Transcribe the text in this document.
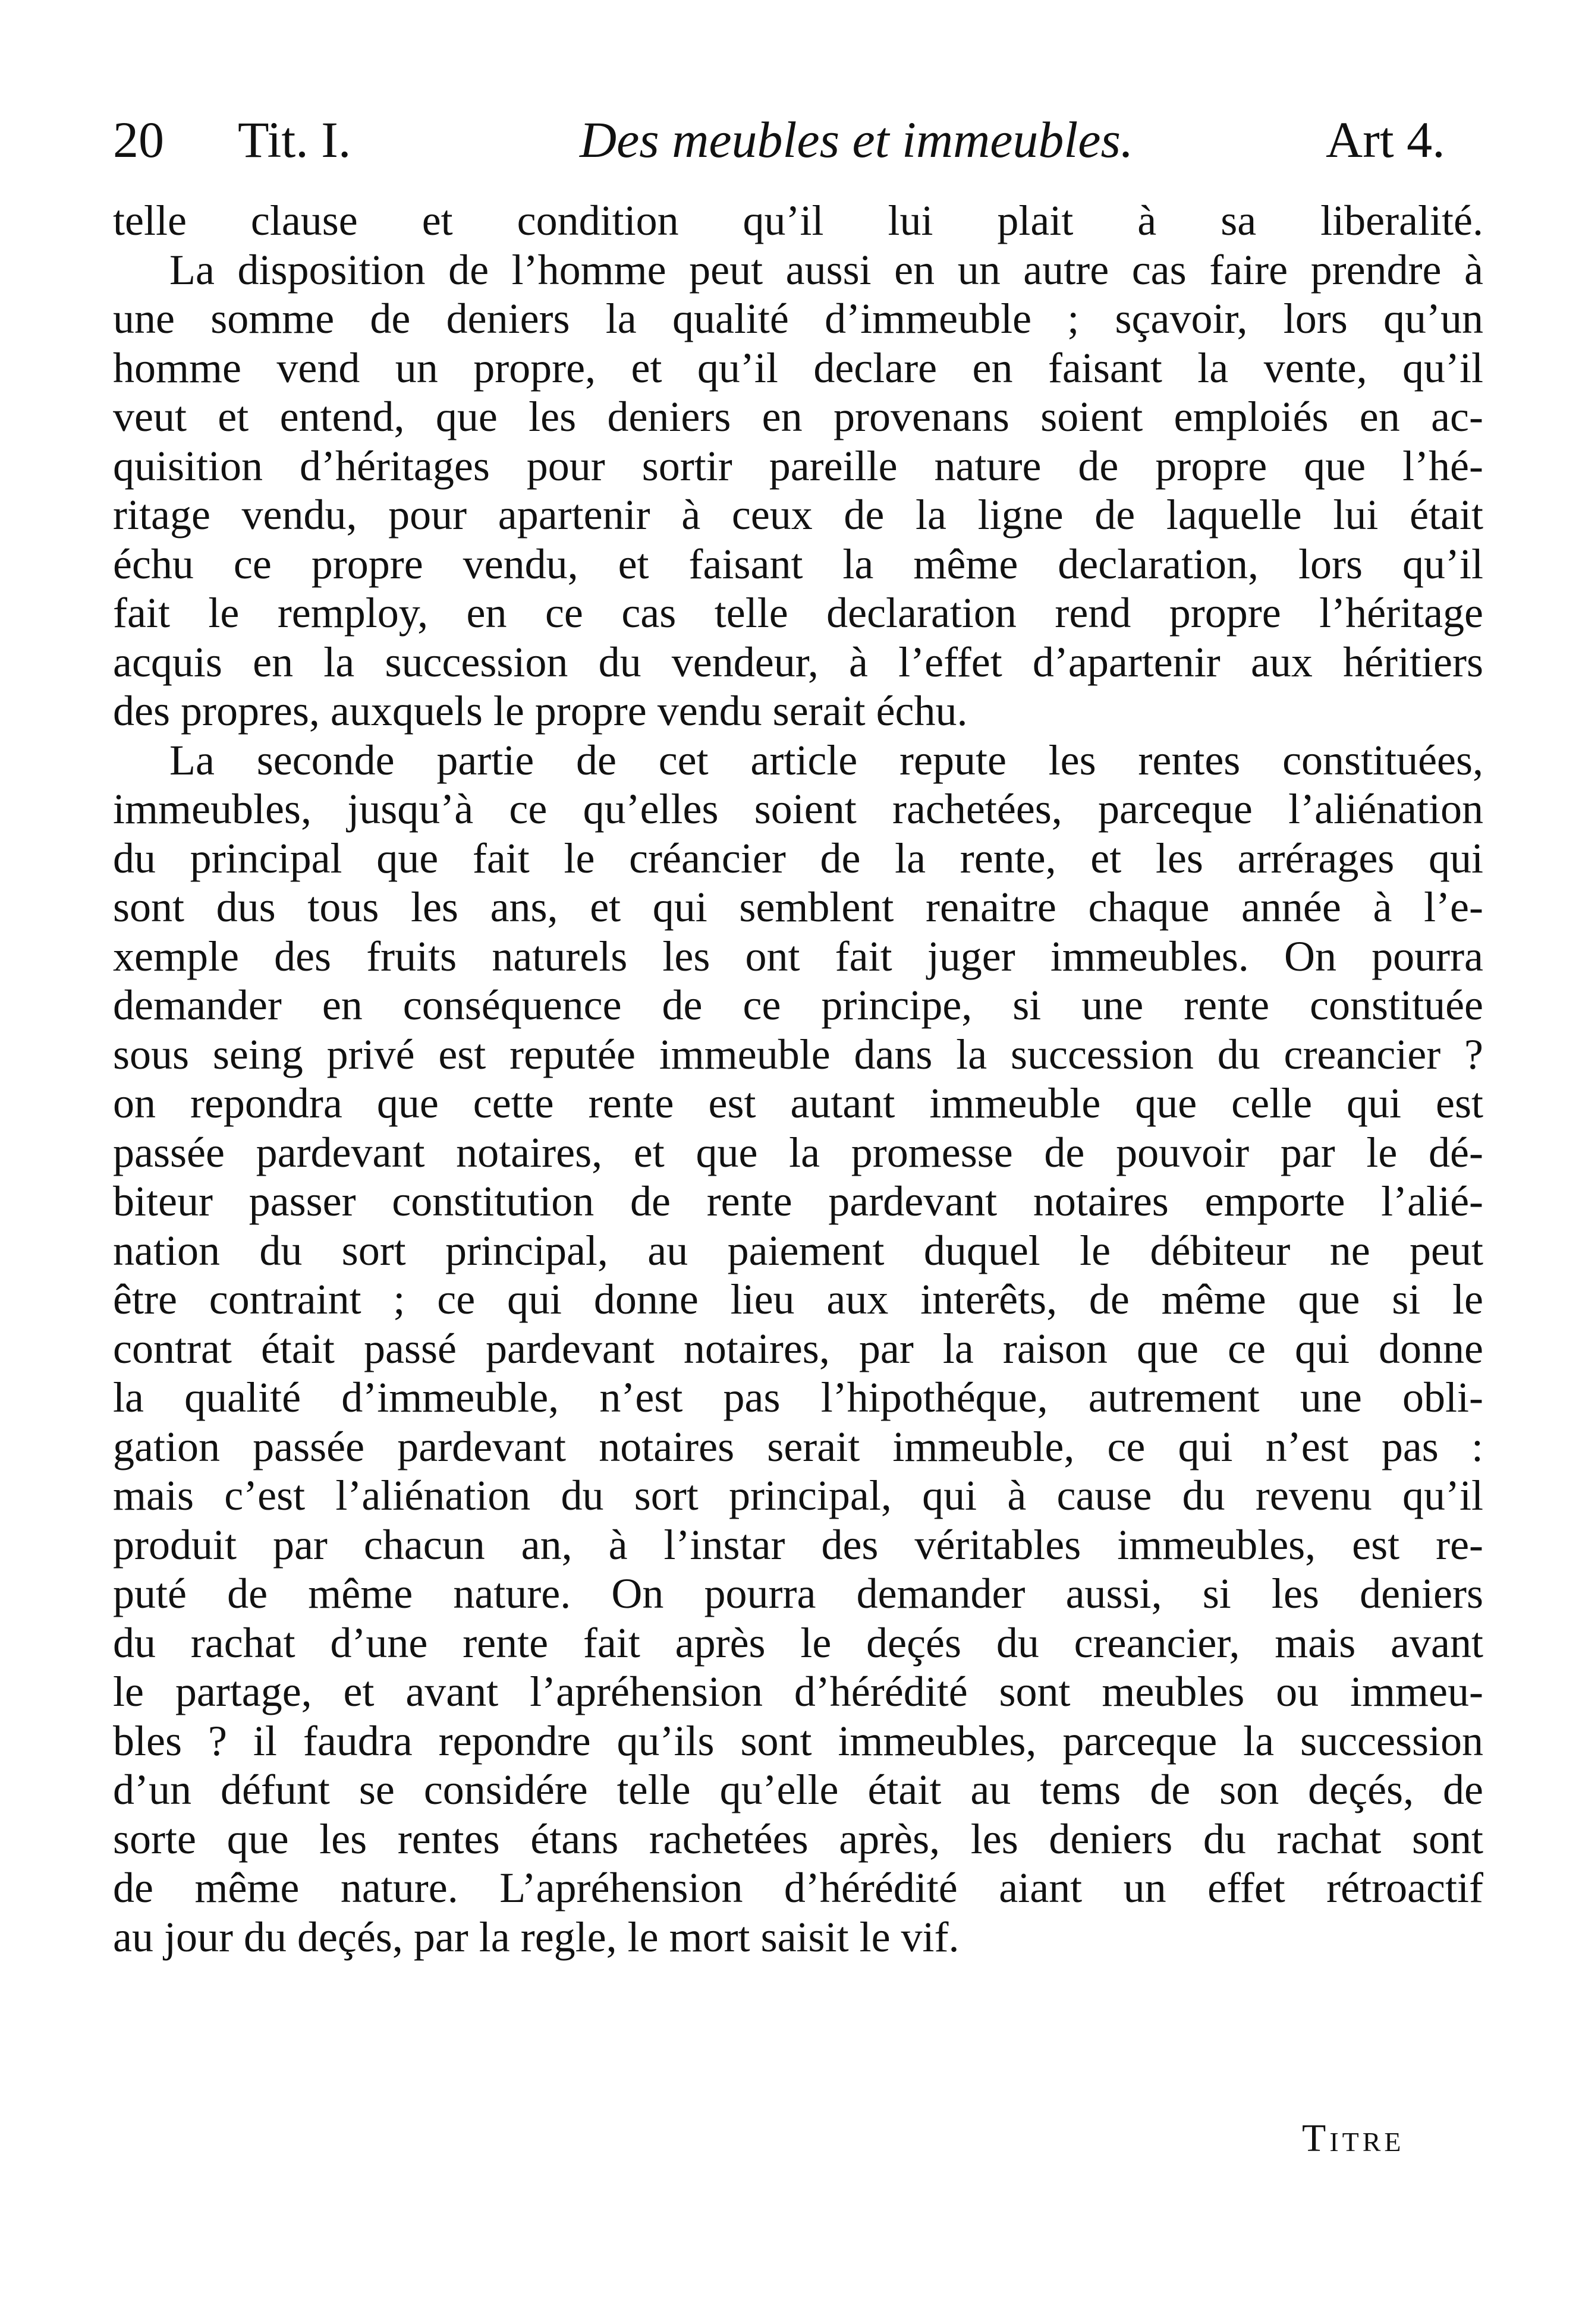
20 Tit. I.	Des meubles et immeubles.	Art 4.
telle clause et condition qu’il lui plait à sa liberalité.
La disposition de l’homme peut aussi en un autre cas faire prendre à
une somme de deniers la qualité d’immeuble ; sçavoir, lors qu’un
homme vend un propre, et qu’il declare en faisant la vente, qu’il
veut et entend, que les deniers en provenans soient emploiés en ac-
quisition d’héritages pour sortir pareille nature de propre que l’hé-
ritage vendu, pour apartenir à ceux de la ligne de laquelle lui était
échu ce propre vendu, et faisant la même declaration, lors qu’il
fait le remploy, en ce cas telle declaration rend propre l’héritage
acquis en la succession du vendeur, à l’effet d’apartenir aux héritiers
des propres, auxquels le propre vendu serait échu.
La seconde partie de cet article repute les rentes constituées,
immeubles, jusqu’à ce qu’elles soient rachetées, parceque l’aliénation
du principal que fait le créancier de la rente, et les arrérages qui
sont dus tous les ans, et qui semblent renaitre chaque année à l’e-
xemple des fruits naturels les ont fait juger immeubles. On pourra
demander en conséquence de ce principe, si une rente constituée
sous seing privé est reputée immeuble dans la succession du creancier ?
on repondra que cette rente est autant immeuble que celle qui est
passée pardevant notaires, et que la promesse de pouvoir par le dé-
biteur passer constitution de rente pardevant notaires emporte l’alié-
nation du sort principal, au paiement duquel le débiteur ne peut
être contraint ; ce qui donne lieu aux interêts, de même que si le
contrat était passé pardevant notaires, par la raison que ce qui donne
la qualité d’immeuble, n’est pas l’hipothéque, autrement une obli-
gation passée pardevant notaires serait immeuble, ce qui n’est pas :
mais c’est l’aliénation du sort principal, qui à cause du revenu qu’il
produit par chacun an, à l’instar des véritables immeubles, est re-
puté de même nature. On pourra demander aussi, si les deniers
du rachat d’une rente fait après le deçés du creancier, mais avant
le partage, et avant l’apréhension d’hérédité sont meubles ou immeu-
bles ? il faudra repondre qu’ils sont immeubles, parceque la succession
d’un défunt se considére telle qu’elle était au tems de son deçés, de
sorte que les rentes étans rachetées après, les deniers du rachat sont
de même nature. L’apréhension d’hérédité aiant un effet rétroactif
au jour du deçés, par la regle, le mort saisit le vif.
Titre
